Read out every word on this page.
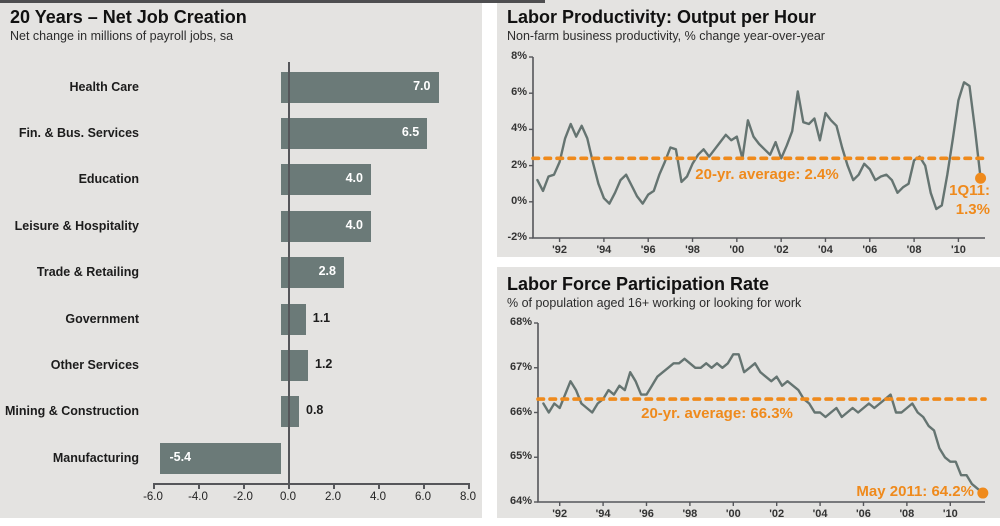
20 Years – Net Job Creation
Net change in millions of payroll jobs, sa
Health Care	7.0
Fin. & Bus. Services	6.5
Education	4.0
Leisure & Hospitality	4.0
Trade & Retailing	2.8
Government	1.1
Other Services	1.2
Mining & Construction	0.8
Manufacturing	-5.4
-6.0	-4.0	-2.0	0.0	2.0	4.0	6.0	8.0
Labor Productivity: Output per Hour
Non-farm business productivity, % change year-over-year
20-yr. average: 2.4%
1Q11:
1.3%
8%
6%
4%
2%
0%
-2%
'92	'94	'96	'98	'00	'02	'04	'06	'08	'10
Labor Force Participation Rate
% of population aged 16+ working or looking for work
20-yr. average: 66.3%
May 2011: 64.2%
68%
67%
66%
65%
64%
'92	'94	'96	'98	'00	'02	'04	'06	'08	'10
